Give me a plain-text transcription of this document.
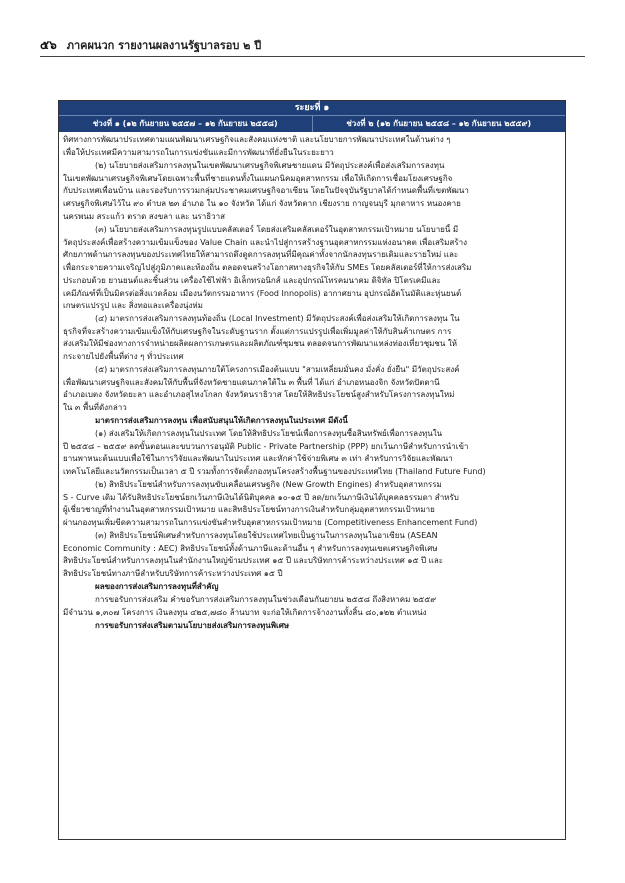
๕๖ ภาคผนวก รายงานผลงานรัฐบาลรอบ ๒ ปี
ระยะที่ ๑
ช่วงที่ ๑ (๑๒ กันยายน ๒๕๕๗ – ๑๒ กันยายน ๒๕๕๘)	ช่วงที่ ๒ (๑๒ กันยายน ๒๕๕๘ – ๑๒ กันยายน ๒๕๕๙)

ทิศทางการพัฒนาประเทศตามแผนพัฒนาเศรษฐกิจและสังคมแห่งชาติ และนโยบายการพัฒนาประเทศในด้านต่าง ๆ
เพื่อให้ประเทศมีความสามารถในการแข่งขันและมีการพัฒนาที่ยั่งยืนในระยะยาว

(๒) นโยบายส่งเสริมการลงทุนในเขตพัฒนาเศรษฐกิจพิเศษชายแดน มีวัตถุประสงค์เพื่อส่งเสริมการลงทุน
ในเขตพัฒนาเศรษฐกิจพิเศษโดยเฉพาะพื้นที่ชายแดนทั้งในแผนกนิคมอุตสาหกรรม เพื่อให้เกิดการเชื่อมโยงเศรษฐกิจ
กับประเทศเพื่อนบ้าน และรองรับการรวมกลุ่มประชาคมเศรษฐกิจอาเซียน โดยในปัจจุบันรัฐบาลได้กำหนดพื้นที่เขตพัฒนา
เศรษฐกิจพิเศษไว้ใน ๙๐ ตำบล ๒๓ อำเภอ ใน ๑๐ จังหวัด ได้แก่ จังหวัดตาก เชียงราย กาญจนบุรี มุกดาหาร หนองคาย
นครพนม สระแก้ว ตราด สงขลา และ นราธิวาส

(๓) นโยบายส่งเสริมการลงทุนรูปแบบคลัสเตอร์ โดยส่งเสริมคลัสเตอร์ในอุตสาหกรรมเป้าหมาย นโยบายนี้ มี
วัตถุประสงค์เพื่อสร้างความเข้มแข็งของ Value Chain และนำไปสู่การสร้างฐานอุตสาหกรรมแห่งอนาคต เพื่อเสริมสร้าง
ศักยภาพด้านการลงทุนของประเทศไทยให้สามารถดึงดูดการลงทุนที่มีคุณค่าทั้งจากนักลงทุนรายเดิมและรายใหม่ และ
เพื่อกระจายความเจริญไปสู่ภูมิภาคและท้องถิ่น ตลอดจนสร้างโอกาสทางธุรกิจให้กับ SMEs โดยคลัสเตอร์ที่ให้การส่งเสริม
ประกอบด้วย ยานยนต์และชิ้นส่วน เครื่องใช้ไฟฟ้า อิเล็กทรอนิกส์ และอุปกรณ์โทรคมนาคม ดิจิทัล ปิโตรเคมีและ
เคมีภัณฑ์ที่เป็นมิตรต่อสิ่งแวดล้อม เมืองนวัตกรรมอาหาร (Food Innopolis) อากาศยาน อุปกรณ์อัตโนมัติและหุ่นยนต์
เกษตรแปรรูป และ สิ่งทอและเครื่องนุ่งห่ม

(๔) มาตรการส่งเสริมการลงทุนท้องถิ่น (Local Investment) มีวัตถุประสงค์เพื่อส่งเสริมให้เกิดการลงทุน ใน
ธุรกิจที่จะสร้างความเข้มแข็งให้กับเศรษฐกิจในระดับฐานราก ตั้งแต่การแปรรูปเพื่อเพิ่มมูลค่าให้กับสินค้าเกษตร การ
ส่งเสริมให้มีช่องทางการจำหน่ายผลิตผลการเกษตรและผลิตภัณฑ์ชุมชน ตลอดจนการพัฒนาแหล่งท่องเที่ยวชุมชน ให้
กระจายไปยังพื้นที่ต่าง ๆ ทั่วประเทศ

(๕) มาตรการส่งเสริมการลงทุนภายใต้โครงการเมืองต้นแบบ "สามเหลี่ยมมั่นคง มั่งคั่ง ยั่งยืน" มีวัตถุประสงค์
เพื่อพัฒนาเศรษฐกิจและสังคมให้กับพื้นที่จังหวัดชายแดนภาคใต้ใน ๓ พื้นที่ ได้แก่ อำเภอหนองจิก จังหวัดปัตตานี
อำเภอเบตง จังหวัดยะลา และอำเภอสุไหงโกลก จังหวัดนราธิวาส โดยให้สิทธิประโยชน์สูงสำหรับโครงการลงทุนใหม่
ใน ๓ พื้นที่ดังกล่าว

มาตรการส่งเสริมการลงทุน เพื่อสนับสนุนให้เกิดการลงทุนในประเทศ มีดังนี้

(๑) ส่งเสริมให้เกิดการลงทุนในประเทศ โดยให้สิทธิประโยชน์เพื่อการลงทุนซื้อสินทรัพย์เพื่อการลงทุนใน
ปี ๒๕๕๘ – ๒๕๕๙ ลดขั้นตอนและขบวนการอนุมัติ Public - Private Partnership (PPP) ยกเว้นภาษีสำหรับการนำเข้า
ยานพาหนะต้นแบบเพื่อใช้ในการวิจัยและพัฒนาในประเทศ และหักค่าใช้จ่ายพิเศษ ๓ เท่า สำหรับการวิจัยและพัฒนา
เทคโนโลยีและนวัตกรรมเป็นเวลา ๕ ปี รวมทั้งการจัดตั้งกองทุนโครงสร้างพื้นฐานของประเทศไทย (Thailand Future Fund)

(๒) สิทธิประโยชน์สำหรับการลงทุนขับเคลื่อนเศรษฐกิจ (New Growth Engines) สำหรับอุตสาหกรรม
S - Curve เดิม ได้รับสิทธิประโยชน์ยกเว้นภาษีเงินได้นิติบุคคล ๑๐-๑๕ ปี ลด/ยกเว้นภาษีเงินได้บุคคลธรรมดา สำหรับ
ผู้เชี่ยวชาญที่ทำงานในอุตสาหกรรมเป้าหมาย และสิทธิประโยชน์ทางการเงินสำหรับกลุ่มอุตสาหกรรมเป้าหมาย
ผ่านกองทุนเพิ่มขีดความสามารถในการแข่งขันสำหรับอุตสาหกรรมเป้าหมาย (Competitiveness Enhancement Fund)

(๓) สิทธิประโยชน์พิเศษสำหรับการลงทุนโดยใช้ประเทศไทยเป็นฐานในการลงทุนในอาเซียน (ASEAN
Economic Community : AEC) สิทธิประโยชน์ทั้งด้านภาษีและด้านอื่น ๆ สำหรับการลงทุนเขตเศรษฐกิจพิเศษ
สิทธิประโยชน์สำหรับการลงทุนในสำนักงานใหญ่ข้ามประเทศ ๑๕ ปี และบริษัทการค้าระหว่างประเทศ ๑๕ ปี และ
สิทธิประโยชน์ทางภาษีสำหรับบริษัทการค้าระหว่างประเทศ ๑๕ ปี

ผลของการส่งเสริมการลงทุนที่สำคัญ

การขอรับการส่งเสริม คำขอรับการส่งเสริมการลงทุนในช่วงเดือนกันยายน ๒๕๕๘ ถึงสิงหาคม ๒๕๕๙
มีจำนวน ๑,๓๐๗ โครงการ เงินลงทุน ๔๒๕,๗๘๐ ล้านบาท จะก่อให้เกิดการจ้างงานทั้งสิ้น ๘๐,๑๒๒ ตำแหน่ง

การขอรับการส่งเสริมตามนโยบายส่งเสริมการลงทุนพิเศษ
